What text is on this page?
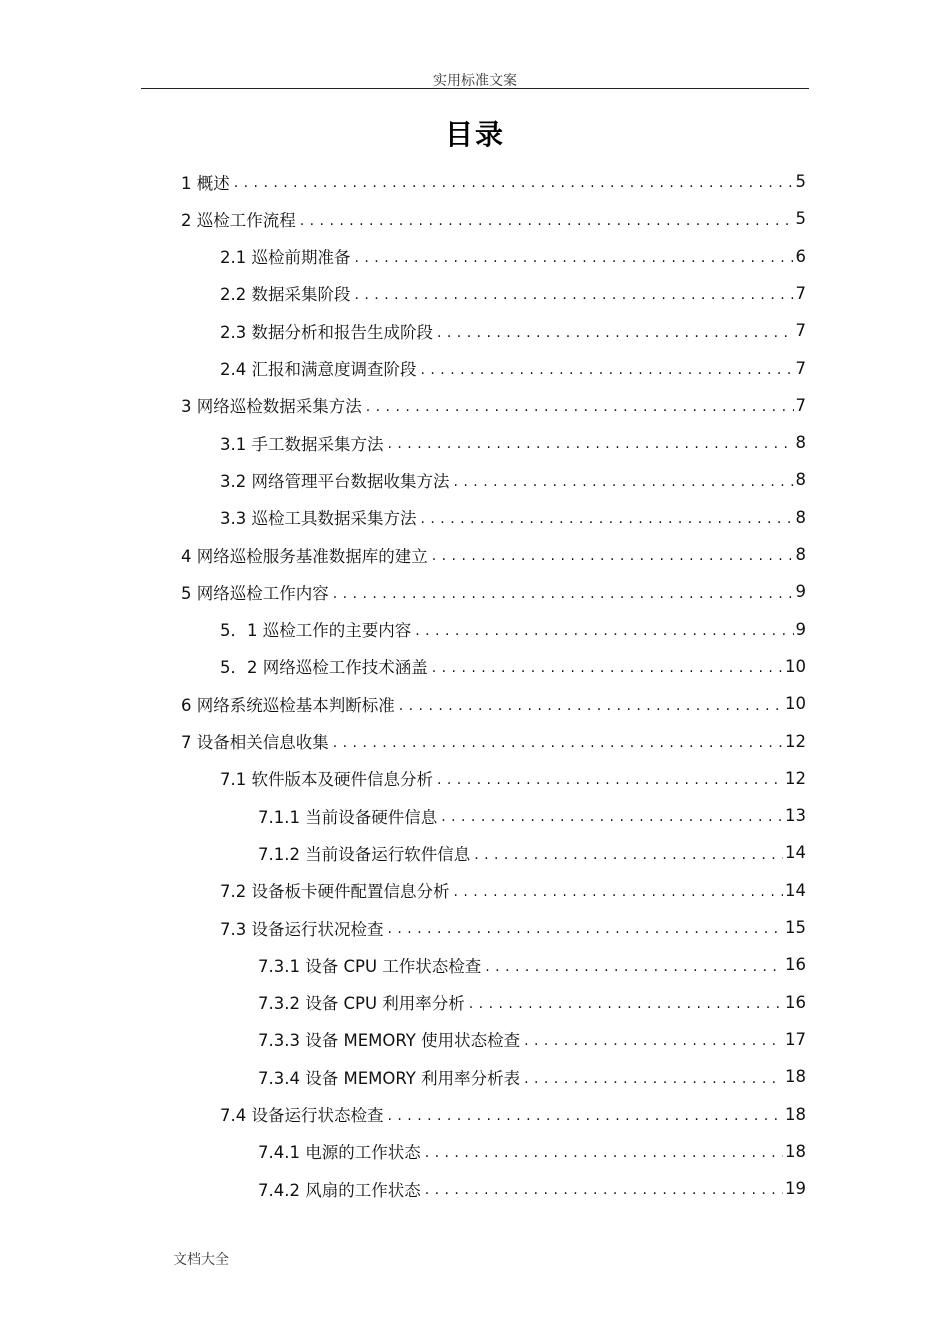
实用标准文案
目录
1 概述 . . .	5
2 巡检工作流程 . . .	5
2.1 巡检前期准备 . . .	6
2.2 数据采集阶段 . . .	7
2.3 数据分析和报告生成阶段 . . .	7
2.4 汇报和满意度调查阶段 . . .	7
3 网络巡检数据采集方法 . . .	7
3.1 手工数据采集方法 . . .	8
3.2 网络管理平台数据收集方法 . . .	8
3.3 巡检工具数据采集方法 . . .	8
4 网络巡检服务基准数据库的建立 . . .	8
5 网络巡检工作内容 . . .	9
5．1 巡检工作的主要内容 . . .	9
5．2 网络巡检工作技术涵盖 . . .	10
6 网络系统巡检基本判断标准 . . .	10
7 设备相关信息收集 . . .	12
7.1 软件版本及硬件信息分析 . . .	12
7.1.1 当前设备硬件信息 . . .	13
7.1.2 当前设备运行软件信息 . . .	14
7.2 设备板卡硬件配置信息分析 . . .	14
7.3 设备运行状况检查 . . .	15
7.3.1 设备 CPU 工作状态检查 . . .	16
7.3.2 设备 CPU 利用率分析 . . .	16
7.3.3 设备 MEMORY 使用状态检查 . . .	17
7.3.4 设备 MEMORY 利用率分析表 . . .	18
7.4 设备运行状态检查 . . .	18
7.4.1 电源的工作状态 . . .	18
7.4.2 风扇的工作状态 . . .	19
文档大全
